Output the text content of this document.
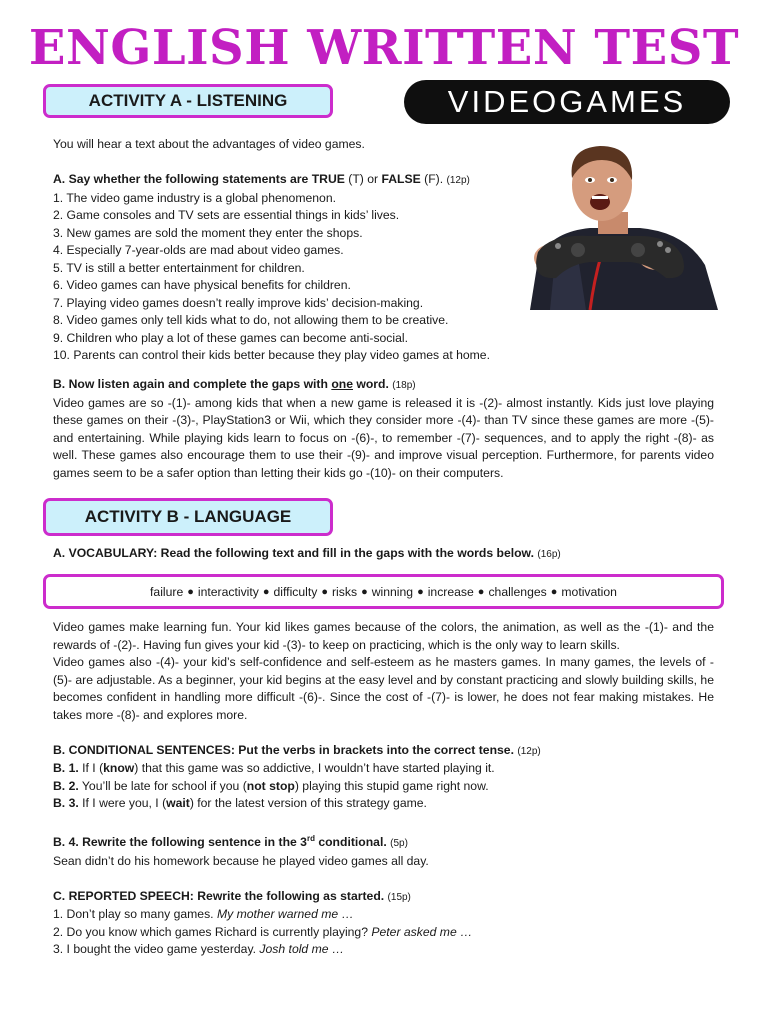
ENGLISH WRITTEN TEST
ACTIVITY A - LISTENING	VIDEOGAMES

You will hear a text about the advantages of video games.

A. Say whether the following statements are TRUE (T) or FALSE (F). (12p)

1. The video game industry is a global phenomenon.

2. Game consoles and TV sets are essential things in kids’ lives.

3. New games are sold the moment they enter the shops.

4. Especially 7-year-olds are mad about video games.

5. TV is still a better entertainment for children.

6. Video games can have physical benefits for children.

7. Playing video games doesn’t really improve kids’ decision-making.

8. Video games only tell kids what to do, not allowing them to be creative.

9. Children who play a lot of these games can become anti-social.

10. Parents can control their kids better because they play video games at home.

B. Now listen again and complete the gaps with one word. (18p)

Video games are so -(1)- among kids that when a new game is released it is -(2)- almost instantly. Kids just love playing these games on their -(3)-, PlayStation3 or Wii, which they consider more -(4)- than TV since these games are more -(5)- and entertaining. While playing kids learn to focus on -(6)-, to remember -(7)- sequences, and to apply the right -(8)- as well. These games also encourage them to use their -(9)- and improve visual perception. Furthermore, for parents video games seem to be a safer option than letting their kids go -(10)- on their computers.

ACTIVITY B - LANGUAGE

A. VOCABULARY: Read the following text and fill in the gaps with the words below. (16p)

failure ● interactivity ● difficulty ● risks ● winning ● increase ● challenges ● motivation

Video games make learning fun. Your kid likes games because of the colors, the animation, as well as the -(1)- and the rewards of -(2)-. Having fun gives your kid -(3)- to keep on practicing, which is the only way to learn skills.

Video games also -(4)- your kid’s self-confidence and self-esteem as he masters games. In many games, the levels of -(5)- are adjustable. As a beginner, your kid begins at the easy level and by constant practicing and slowly building skills, he becomes confident in handling more difficult -(6)-. Since the cost of -(7)- is lower, he does not fear making mistakes. He takes more -(8)- and explores more.

B. CONDITIONAL SENTENCES: Put the verbs in brackets into the correct tense. (12p)

B. 1. If I (know) that this game was so addictive, I wouldn’t have started playing it.

B. 2. You’ll be late for school if you (not stop) playing this stupid game right now.

B. 3. If I were you, I (wait) for the latest version of this strategy game.

B. 4. Rewrite the following sentence in the 3rd conditional. (5p)

Sean didn’t do his homework because he played video games all day.

C. REPORTED SPEECH: Rewrite the following as started. (15p)

1. Don’t play so many games. My mother warned me …

2. Do you know which games Richard is currently playing? Peter asked me …

3. I bought the video game yesterday. Josh told me …
